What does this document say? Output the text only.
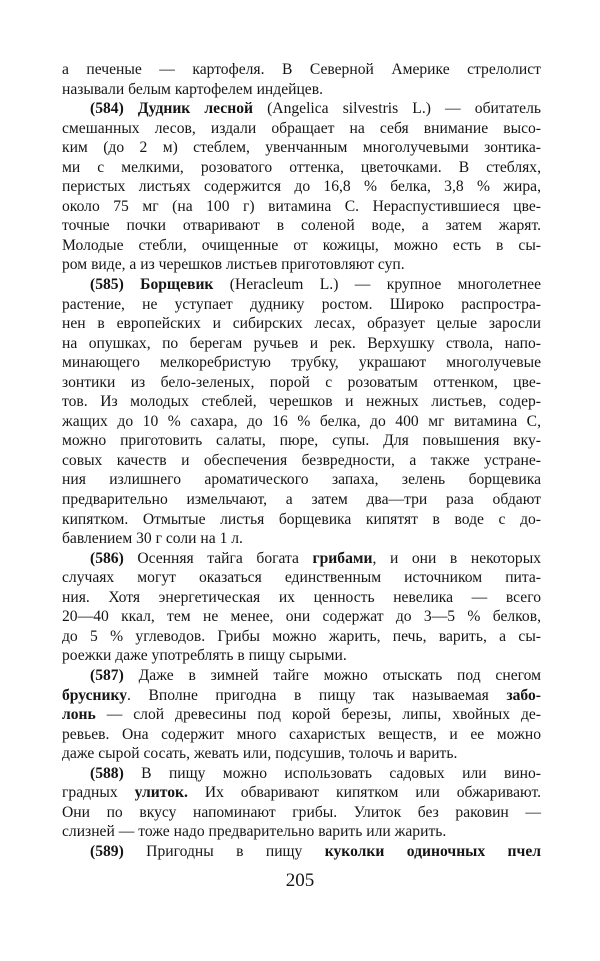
а печеные — картофеля. В Северной Америке стрелолист
называли белым картофелем индейцев.
(584) Дудник лесной (Angelica silvestris L.) — обитатель
смешанных лесов, издали обращает на себя внимание высо-
ким (до 2 м) стеблем, увенчанным многолучевыми зонтика-
ми с мелкими, розоватого оттенка, цветочками. В стеблях,
перистых листьях содержится до 16,8 % белка, 3,8 % жира,
около 75 мг (на 100 г) витамина С. Нераспустившиеся цве-
точные почки отваривают в соленой воде, а затем жарят.
Молодые стебли, очищенные от кожицы, можно есть в сы-
ром виде, а из черешков листьев приготовляют суп.
(585) Борщевик (Heracleum L.) — крупное многолетнее
растение, не уступает дуднику ростом. Широко распростра-
нен в европейских и сибирских лесах, образует целые заросли
на опушках, по берегам ручьев и рек. Верхушку ствола, напо-
минающего мелкоребристую трубку, украшают многолучевые
зонтики из бело-зеленых, порой с розоватым оттенком, цве-
тов. Из молодых стеблей, черешков и нежных листьев, содер-
жащих до 10 % сахара, до 16 % белка, до 400 мг витамина С,
можно приготовить салаты, пюре, супы. Для повышения вку-
совых качеств и обеспечения безвредности, а также устране-
ния излишнего ароматического запаха, зелень борщевика
предварительно измельчают, а затем два—три раза обдают
кипятком. Отмытые листья борщевика кипятят в воде с до-
бавлением 30 г соли на 1 л.
(586) Осенняя тайга богата грибами, и они в некоторых
случаях могут оказаться единственным источником пита-
ния. Хотя энергетическая их ценность невелика — всего
20—40 ккал, тем не менее, они содержат до 3—5 % белков,
до 5 % углеводов. Грибы можно жарить, печь, варить, а сы-
роежки даже употреблять в пищу сырыми.
(587) Даже в зимней тайге можно отыскать под снегом
бруснику. Вполне пригодна в пищу так называемая забо-
лонь — слой древесины под корой березы, липы, хвойных де-
ревьев. Она содержит много сахаристых веществ, и ее можно
даже сырой сосать, жевать или, подсушив, толочь и варить.
(588) В пищу можно использовать садовых или вино-
градных улиток. Их обваривают кипятком или обжаривают.
Они по вкусу напоминают грибы. Улиток без раковин —
слизней — тоже надо предварительно варить или жарить.
(589) Пригодны в пищу куколки одиночных пчел
205
